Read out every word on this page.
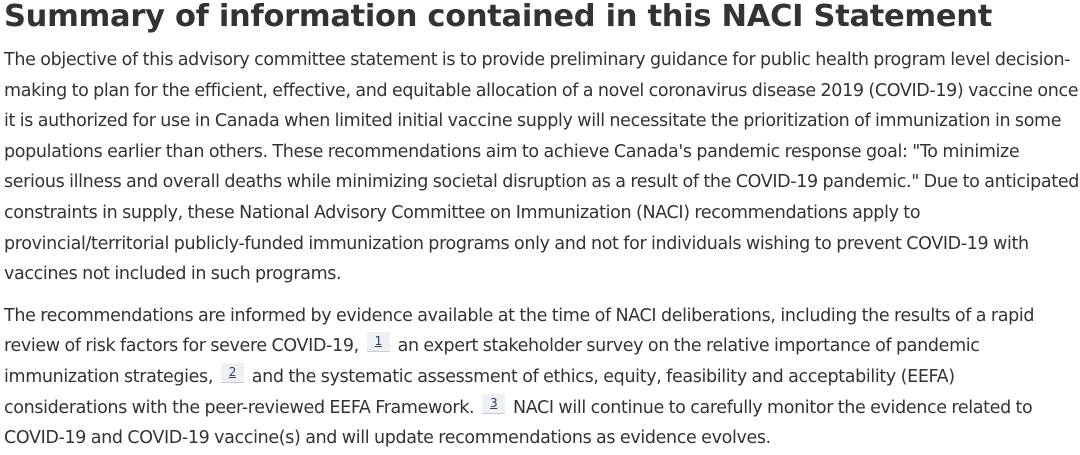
Summary of information contained in this NACI Statement

The objective of this advisory committee statement is to provide preliminary guidance for public health program level decision-making to plan for the efficient, effective, and equitable allocation of a novel coronavirus disease 2019 (COVID-19) vaccine once it is authorized for use in Canada when limited initial vaccine supply will necessitate the prioritization of immunization in some populations earlier than others. These recommendations aim to achieve Canada's pandemic response goal: "To minimize serious illness and overall deaths while minimizing societal disruption as a result of the COVID-19 pandemic." Due to anticipated constraints in supply, these National Advisory Committee on Immunization (NACI) recommendations apply to provincial/territorial publicly-funded immunization programs only and not for individuals wishing to prevent COVID-19 with vaccines not included in such programs.

The recommendations are informed by evidence available at the time of NACI deliberations, including the results of a rapid review of risk factors for severe COVID-19, 1 an expert stakeholder survey on the relative importance of pandemic immunization strategies, 2 and the systematic assessment of ethics, equity, feasibility and acceptability (EEFA) considerations with the peer-reviewed EEFA Framework. 3 NACI will continue to carefully monitor the evidence related to COVID-19 and COVID-19 vaccine(s) and will update recommendations as evidence evolves.
